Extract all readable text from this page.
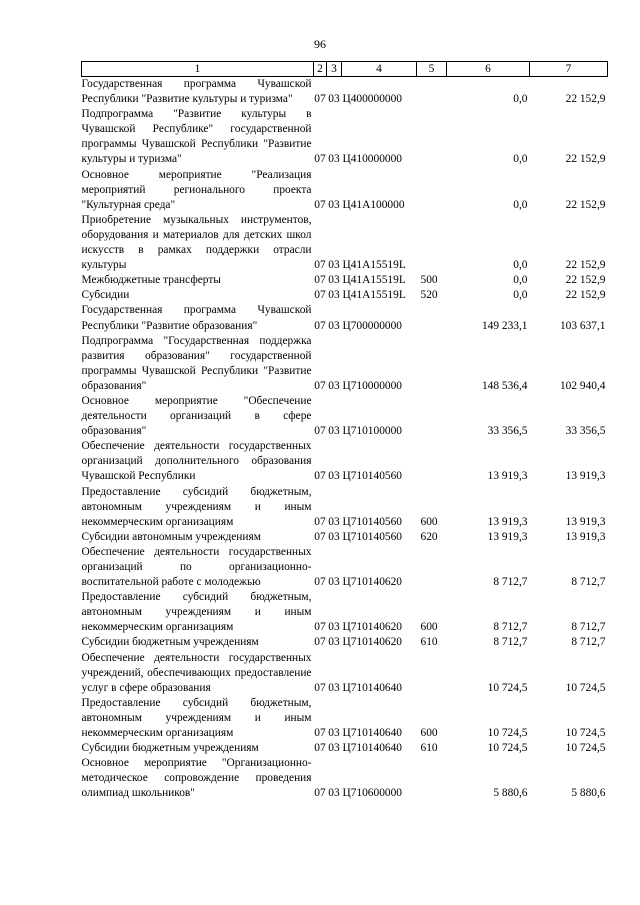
96
1	2	3	4	5	6	7
Государственная программа Чувашской Республики "Развитие культуры и туризма"	07	03	Ц400000000		0,0	22 152,9
Подпрограмма "Развитие культуры в Чувашской Республике" государственной программы Чувашской Республики "Развитие культуры и туризма"	07	03	Ц410000000		0,0	22 152,9
Основное мероприятие "Реализация мероприятий регионального проекта "Культурная среда"	07	03	Ц41А100000		0,0	22 152,9
Приобретение музыкальных инструментов, оборудования и материалов для детских школ искусств в рамках поддержки отрасли культуры	07	03	Ц41А15519L		0,0	22 152,9
Межбюджетные трансферты	07	03	Ц41А15519L	500	0,0	22 152,9
Субсидии	07	03	Ц41А15519L	520	0,0	22 152,9
Государственная программа Чувашской Республики "Развитие образования"	07	03	Ц700000000		149 233,1	103 637,1
Подпрограмма "Государственная поддержка развития образования" государственной программы Чувашской Республики "Развитие образования"	07	03	Ц710000000		148 536,4	102 940,4
Основное мероприятие "Обеспечение деятельности организаций в сфере образования"	07	03	Ц710100000		33 356,5	33 356,5
Обеспечение деятельности государственных организаций дополнительного образования Чувашской Республики	07	03	Ц710140560		13 919,3	13 919,3
Предоставление субсидий бюджетным, автономным учреждениям и иным некоммерческим организациям	07	03	Ц710140560	600	13 919,3	13 919,3
Субсидии автономным учреждениям	07	03	Ц710140560	620	13 919,3	13 919,3
Обеспечение деятельности государственных организаций по организационно-воспитательной работе с молодежью	07	03	Ц710140620		8 712,7	8 712,7
Предоставление субсидий бюджетным, автономным учреждениям и иным некоммерческим организациям	07	03	Ц710140620	600	8 712,7	8 712,7
Субсидии бюджетным учреждениям	07	03	Ц710140620	610	8 712,7	8 712,7
Обеспечение деятельности государственных учреждений, обеспечивающих предоставление услуг в сфере образования	07	03	Ц710140640		10 724,5	10 724,5
Предоставление субсидий бюджетным, автономным учреждениям и иным некоммерческим организациям	07	03	Ц710140640	600	10 724,5	10 724,5
Субсидии бюджетным учреждениям	07	03	Ц710140640	610	10 724,5	10 724,5
Основное мероприятие "Организационно-методическое сопровождение проведения олимпиад школьников"	07	03	Ц710600000		5 880,6	5 880,6
